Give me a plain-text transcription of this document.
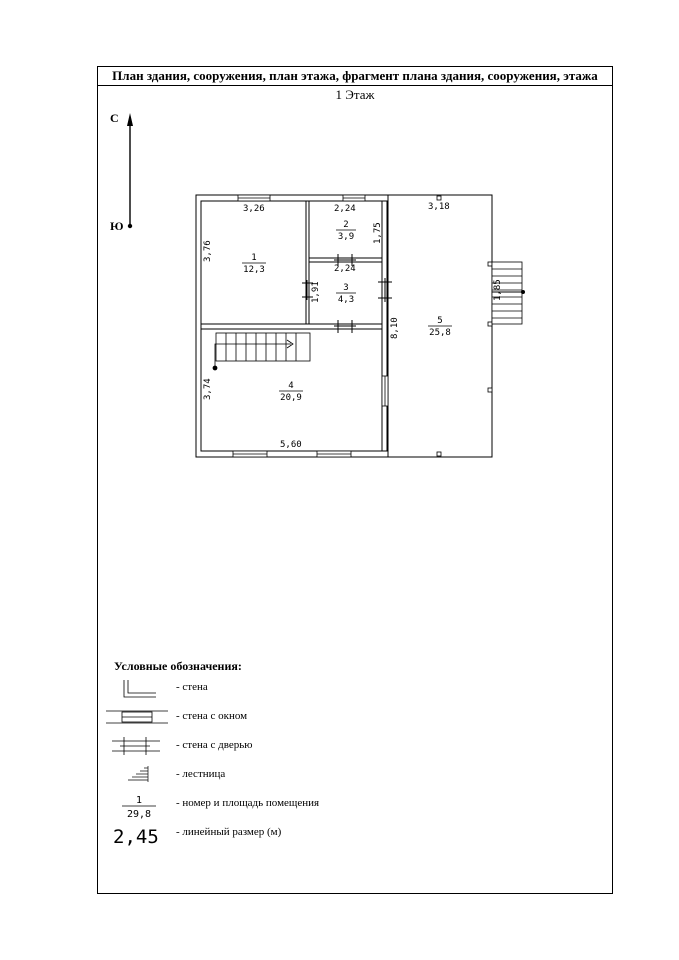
План здания, сооружения, план этажа, фрагмент плана здания, сооружения, этажа
1 Этаж
С
Ю
3,26	2,24
2,24
3,18
5,60
1,75
3,76
1,91
8,10
1,85
3,74
1
12,3
2
3,9
3
4,3
4
20,9
5
25,8
Условные обозначения:
- стена
- стена с окном
- стена с дверью
- лестница
1
29,8
- номер и площадь помещения
2,45 - линейный размер (м)
